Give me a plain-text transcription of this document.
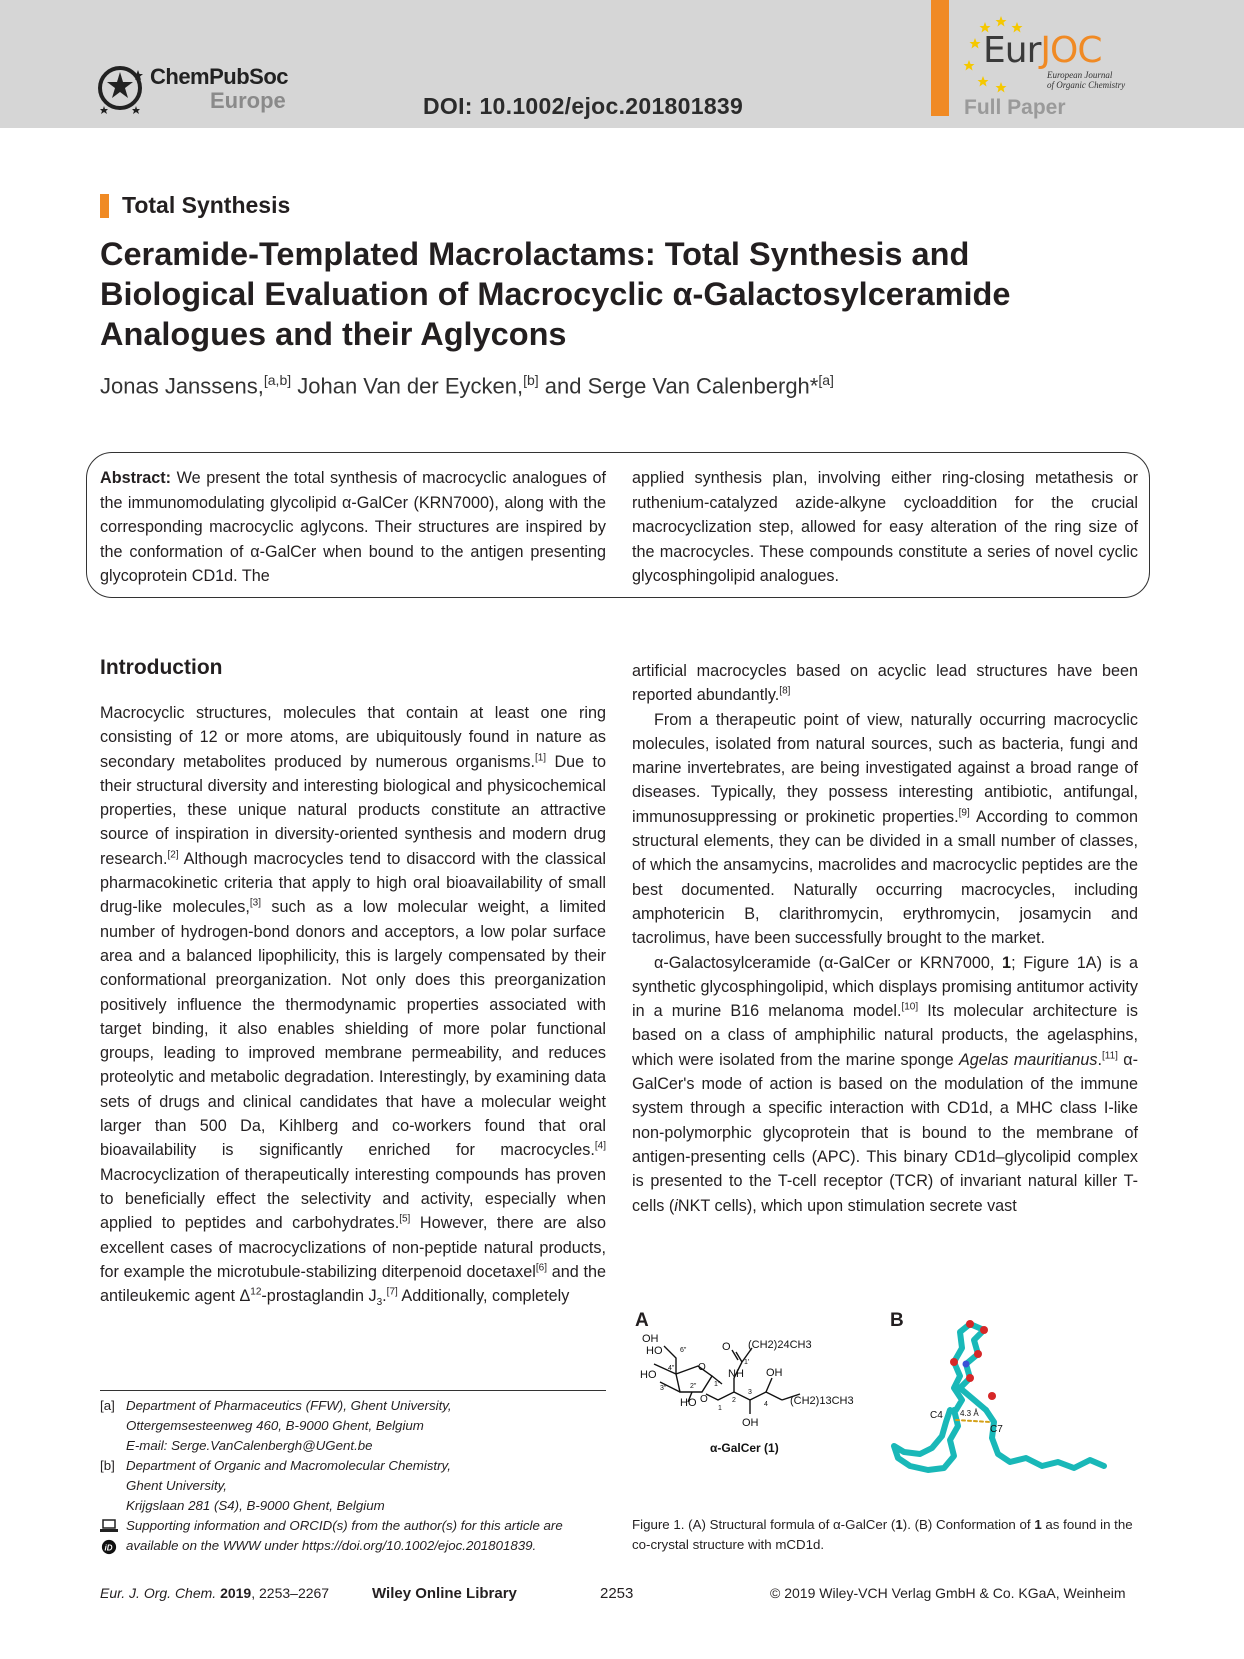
ChemPubSoc
Europe	DOI: 10.1002/ejoc.201801839
EurJOC
European Journal
of Organic Chemistry
Full Paper
Total Synthesis
Ceramide-Templated Macrolactams: Total Synthesis and Biological Evaluation of Macrocyclic α-Galactosylceramide Analogues and their Aglycons
Jonas Janssens,[a,b] Johan Van der Eycken,[b] and Serge Van Calenbergh*[a]
Abstract: We present the total synthesis of macrocyclic analogues of the immunomodulating glycolipid α-GalCer (KRN7000), along with the corresponding macrocyclic aglycons. Their structures are inspired by the conformation of α-GalCer when bound to the antigen presenting glycoprotein CD1d. The
applied synthesis plan, involving either ring-closing metathesis or ruthenium-catalyzed azide-alkyne cycloaddition for the crucial macrocyclization step, allowed for easy alteration of the ring size of the macrocycles. These compounds constitute a series of novel cyclic glycosphingolipid analogues.
Introduction

Macrocyclic structures, molecules that contain at least one ring consisting of 12 or more atoms, are ubiquitously found in nature as secondary metabolites produced by numerous organisms.[1] Due to their structural diversity and interesting biological and physicochemical properties, these unique natural products constitute an attractive source of inspiration in diversity-oriented synthesis and modern drug research.[2] Although macrocycles tend to disaccord with the classical pharmacokinetic criteria that apply to high oral bioavailability of small drug-like molecules,[3] such as a low molecular weight, a limited number of hydrogen-bond donors and acceptors, a low polar surface area and a balanced lipophilicity, this is largely compensated by their conformational preorganization. Not only does this preorganization positively influence the thermodynamic properties associated with target binding, it also enables shielding of more polar functional groups, leading to improved membrane permeability, and reduces proteolytic and metabolic degradation. Interestingly, by examining data sets of drugs and clinical candidates that have a molecular weight larger than 500 Da, Kihlberg and co-workers found that oral bioavailability is significantly enriched for macrocycles.[4] Macrocyclization of therapeutically interesting compounds has proven to beneficially effect the selectivity and activity, especially when applied to peptides and carbohydrates.[5] However, there are also excellent cases of macrocyclizations of non-peptide natural products, for example the microtubule-stabilizing diterpenoid docetaxel[6] and the antileukemic agent $\Delta^{12}$-prostaglandin $J_3.[7]$ Additionally, completely

artificial macrocycles based on acyclic lead structures have been reported abundantly.[8]

From a therapeutic point of view, naturally occurring macrocyclic molecules, isolated from natural sources, such as bacteria, fungi and marine invertebrates, are being investigated against a broad range of diseases. Typically, they possess interesting antibiotic, antifungal, immunosuppressing or prokinetic properties.[9] According to common structural elements, they can be divided in a small number of classes, of which the ansamycins, macrolides and macrocyclic peptides are the best documented. Naturally occurring macrocycles, including amphotericin B, clarithromycin, erythromycin, josamycin and tacrolimus, have been successfully brought to the market.

α-Galactosylceramide (α-GalCer or KRN7000, 1; Figure 1A) is a synthetic glycosphingolipid, which displays promising antitumor activity in a murine B16 melanoma model.[10] Its molecular architecture is based on a class of amphiphilic natural products, the agelasphins, which were isolated from the marine sponge Agelas mauritianus.[11] α-GalCer's mode of action is based on the modulation of the immune system through a specific interaction with CD1d, a MHC class I-like non-polymorphic glycoprotein that is bound to the membrane of antigen-presenting cells (APC). This binary CD1d–glycolipid complex is presented to the T-cell receptor (TCR) of invariant natural killer T-cells (iNKT cells), which upon stimulation secrete vast

A	B
OH
HO	6"
4"
HO
3"	2"
HO
1"
O
O
1
2
3
4
NH
O
1'
(CH2)24CH3
OH
OH
(CH2)13CH3
α-GalCer (1)
C4
C7
4.3 Å
Figure 1. (A) Structural formula of α-GalCer (1). (B) Conformation of 1 as found in the co-crystal structure with mCD1d.
[a] Department of Pharmaceutics (FFW), Ghent University,
Ottergemsesteenweg 460, B-9000 Ghent, Belgium
E-mail: Serge.VanCalenbergh@UGent.be
[b] Department of Organic and Macromolecular Chemistry,
Ghent University,
Krijgslaan 281 (S4), B-9000 Ghent, Belgium
Supporting information and ORCID(s) from the author(s) for this article are
iD available on the WWW under https://doi.org/10.1002/ejoc.201801839.
Eur. J. Org. Chem. 2019, 2253–2267	Wiley Online Library	2253	© 2019 Wiley-VCH Verlag GmbH & Co. KGaA, Weinheim
